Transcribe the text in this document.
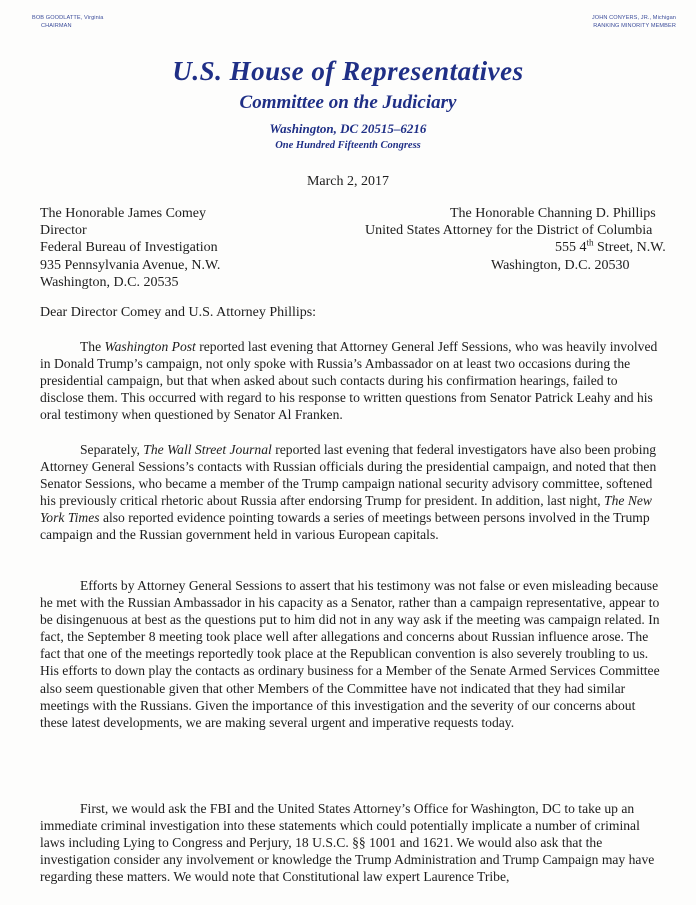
BOB GOODLATTE, Virginia
CHAIRMAN
JOHN CONYERS, JR., Michigan
RANKING MINORITY MEMBER
U.S. House of Representatives
Committee on the Judiciary
Washington, DC 20515–6216
One Hundred Fifteenth Congress
March 2, 2017
The Honorable James Comey
Director
Federal Bureau of Investigation
935 Pennsylvania Avenue, N.W.
Washington, D.C. 20535
The Honorable Channing D. Phillips
United States Attorney for the District of Columbia
555 4th Street, N.W.
Washington, D.C. 20530
Dear Director Comey and U.S. Attorney Phillips:

The Washington Post reported last evening that Attorney General Jeff Sessions, who was heavily involved in Donald Trump’s campaign, not only spoke with Russia’s Ambassador on at least two occasions during the presidential campaign, but that when asked about such contacts during his confirmation hearings, failed to disclose them. This occurred with regard to his response to written questions from Senator Patrick Leahy and his oral testimony when questioned by Senator Al Franken.

Separately, The Wall Street Journal reported last evening that federal investigators have also been probing Attorney General Sessions’s contacts with Russian officials during the presidential campaign, and noted that then Senator Sessions, who became a member of the Trump campaign national security advisory committee, softened his previously critical rhetoric about Russia after endorsing Trump for president. In addition, last night, The New York Times also reported evidence pointing towards a series of meetings between persons involved in the Trump campaign and the Russian government held in various European capitals.

Efforts by Attorney General Sessions to assert that his testimony was not false or even misleading because he met with the Russian Ambassador in his capacity as a Senator, rather than a campaign representative, appear to be disingenuous at best as the questions put to him did not in any way ask if the meeting was campaign related. In fact, the September 8 meeting took place well after allegations and concerns about Russian influence arose. The fact that one of the meetings reportedly took place at the Republican convention is also severely troubling to us. His efforts to down play the contacts as ordinary business for a Member of the Senate Armed Services Committee also seem questionable given that other Members of the Committee have not indicated that they had similar meetings with the Russians. Given the importance of this investigation and the severity of our concerns about these latest developments, we are making several urgent and imperative requests today.

First, we would ask the FBI and the United States Attorney’s Office for Washington, DC to take up an immediate criminal investigation into these statements which could potentially implicate a number of criminal laws including Lying to Congress and Perjury, 18 U.S.C. §§ 1001 and 1621. We would also ask that the investigation consider any involvement or knowledge the Trump Administration and Trump Campaign may have regarding these matters. We would note that Constitutional law expert Laurence Tribe,
